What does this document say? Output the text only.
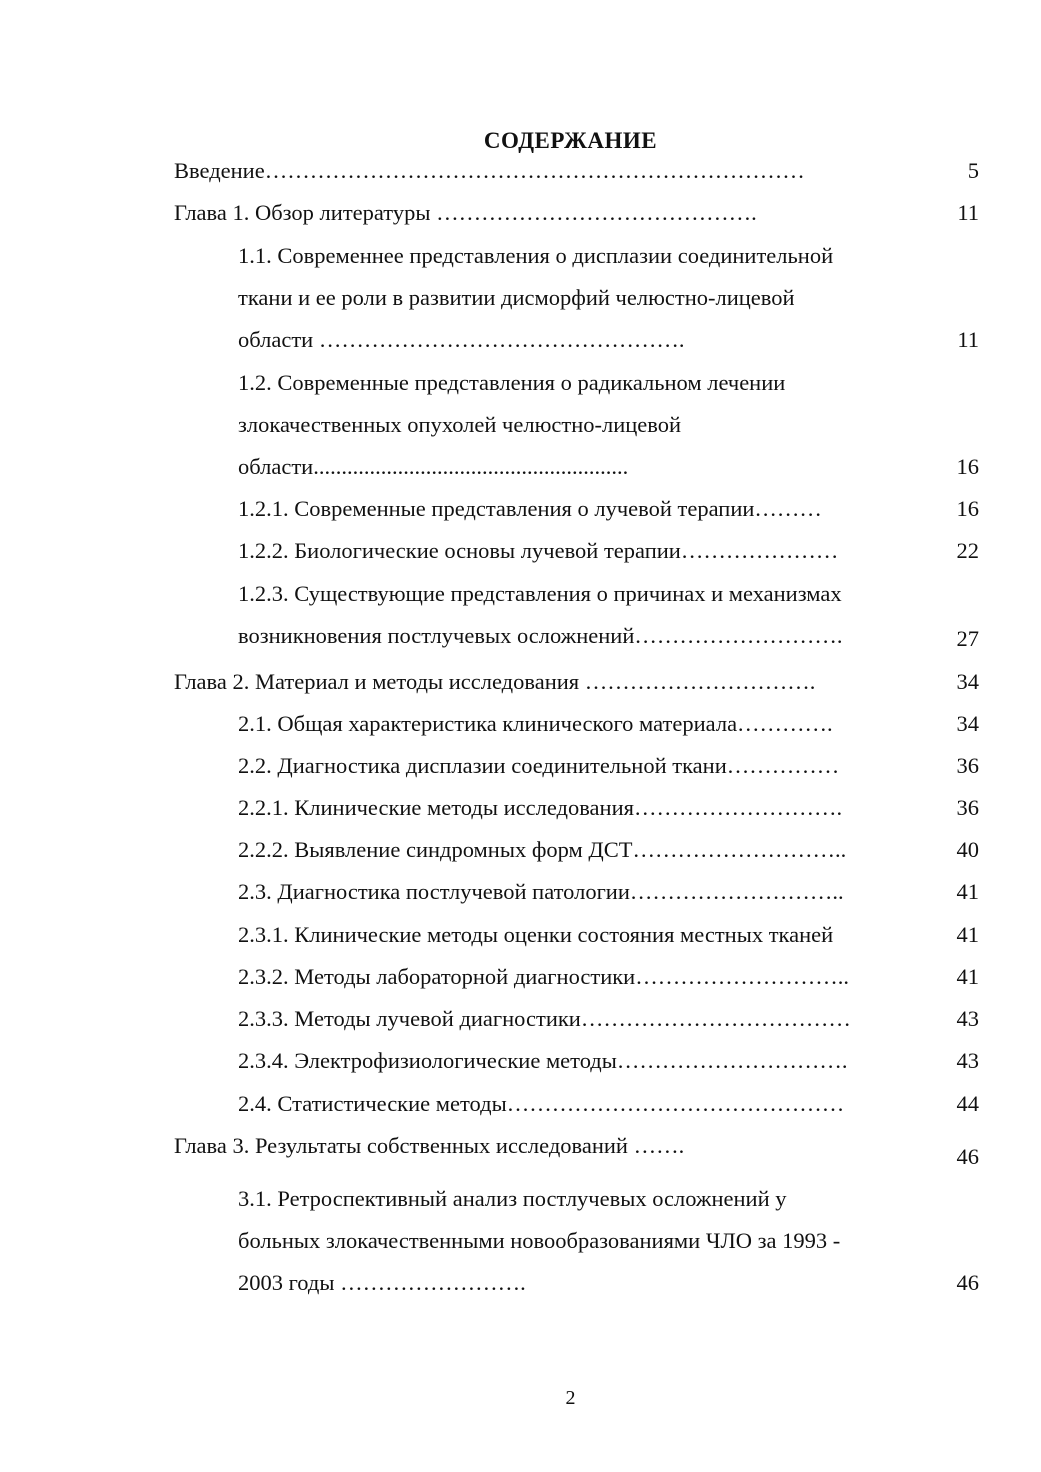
СОДЕРЖАНИЕ
Введение………………………………………………………………	5
Глава 1. Обзор литературы …………………………………….	11
1.1. Современнее представления о дисплазии соединительной
ткани и ее роли в развитии дисморфий челюстно-лицевой
области ………………………………………….	11
1.2. Современные представления о радикальном лечении
злокачественных опухолей челюстно-лицевой
области........................................................	16
1.2.1. Современные представления о лучевой терапии………	16
1.2.2. Биологические основы лучевой терапии…………………	22
1.2.3. Существующие представления о причинах и механизмах
возникновения постлучевых осложнений……………………….	27
Глава 2. Материал и методы исследования ………………………….	34
2.1. Общая характеристика клинического материала………….	34
2.2. Диагностика дисплазии соединительной ткани……………	36
2.2.1. Клинические методы исследования……………………….	36
2.2.2. Выявление синдромных форм ДСТ………………………..	40
2.3. Диагностика постлучевой патологии………………………..	41
2.3.1. Клинические методы оценки состояния местных тканей	41
2.3.2. Методы лабораторной диагностики………………………..	41
2.3.3. Методы лучевой диагностики………………………………	43
2.3.4. Электрофизиологические методы………………………….	43
2.4. Статистические методы………………………………………	44
Глава 3. Результаты собственных исследований …….	46
3.1. Ретроспективный анализ постлучевых осложнений у
больных злокачественными новообразованиями ЧЛО за 1993 -
2003 годы …………………….	46
2
